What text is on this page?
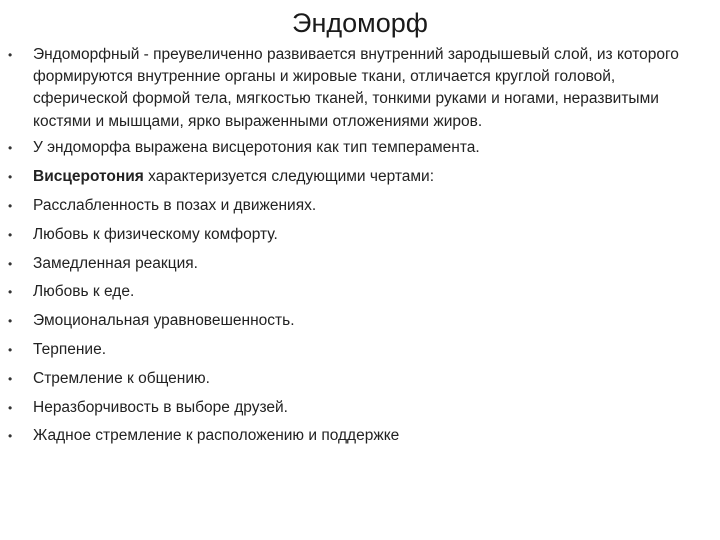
Эндоморф
• Эндоморфный - преувеличенно развивается внутренний зародышевый слой, из которого формируются внутренние органы и жировые ткани, отличается круглой головой, сферической формой тела, мягкостью тканей, тонкими руками и ногами, неразвитыми костями и мышцами, ярко выраженными отложениями жиров.
• У эндоморфа выражена висцеротония как тип темперамента.
• Висцеротония характеризуется следующими чертами:
• Расслабленность в позах и движениях.
• Любовь к физическому комфорту.
• Замедленная реакция.
• Любовь к еде.
• Эмоциональная уравновешенность.
• Терпение.
• Стремление к общению.
• Неразборчивость в выборе друзей.
• Жадное стремление к расположению и поддержке
